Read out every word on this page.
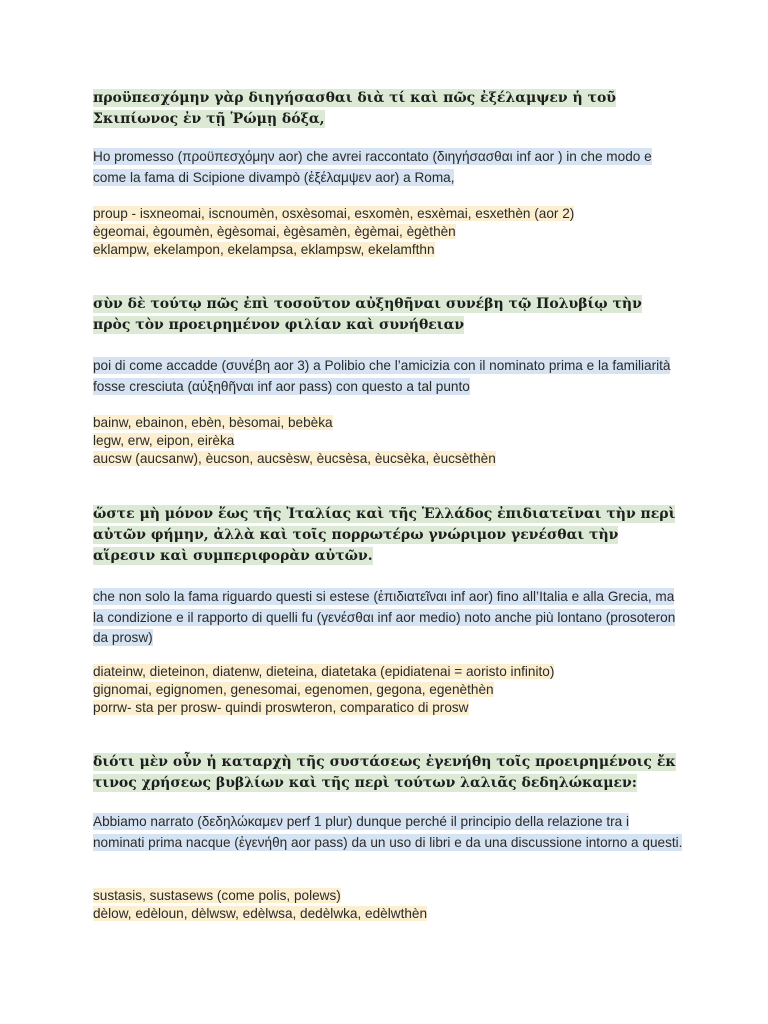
προϋπεσχόμην γὰρ διηγήσασθαι διὰ τί καὶ πῶς ἐξέλαμψεν ἡ τοῦ Σκιπίωνος ἐν τῇ Ῥώμῃ δόξα,
Ho promesso (προϋπεσχόμην aor) che avrei raccontato (διηγήσασθαι inf aor ) in che modo e come la fama di Scipione divampò (ἐξέλαμψεν aor) a Roma,
proup - isxneomai, iscnoumèn, osxèsomai, esxomèn, esxèmai, esxethèn (aor 2)
ègeomai, ègoumèn, ègèsomai, ègèsamèn, ègèmai, ègèthèn
eklampw, ekelampon, ekelampsa, eklampsw, ekelamfthn
σὺν δὲ τούτῳ πῶς ἐπὶ τοσοῦτον αὐξηθῆναι συνέβη τῷ Πολυβίῳ τὴν πρὸς τὸν προειρημένον φιλίαν καὶ συνήθειαν
poi di come accadde (συνέβη aor 3) a Polibio che l’amicizia con il nominato prima e la familiarità fosse cresciuta (αὐξηθῆναι inf aor pass) con questo a tal punto
bainw, ebainon, ebèn, bèsomai, bebèka
legw, erw, eipon, eirèka
aucsw (aucsanw), èucson, aucsèsw, èucsèsa, èucsèka, èucsèthèn
ὥστε μὴ μόνον ἕως τῆς Ἰταλίας καὶ τῆς Ἑλλάδος ἐπιδιατεῖναι τὴν περὶ αὐτῶν φήμην, ἀλλὰ καὶ τοῖς πορρωτέρω γνώριμον γενέσθαι τὴν αἵρεσιν καὶ συμπεριφορὰν αὐτῶν.
che non solo la fama riguardo questi si estese (ἐπιδιατεῖναι inf aor) fino all’Italia e alla Grecia, ma la condizione e il rapporto di quelli fu (γενέσθαι inf aor medio) noto anche più lontano (prosoteron da prosw)
diateinw, dieteinon, diatenw, dieteina, diatetaka (epidiatenai = aoristo infinito)
gignomai, egignomen, genesomai, egenomen, gegona, egenèthèn
porrw- sta per prosw- quindi proswteron, comparatico di prosw
διότι μὲν οὖν ἡ καταρχὴ τῆς συστάσεως ἐγενήθη τοῖς προειρημένοις ἔκ τινος χρήσεως βυβλίων καὶ τῆς περὶ τούτων λαλιᾶς δεδηλώκαμεν:
Abbiamo narrato (δεδηλώκαμεν perf 1 plur) dunque perché il principio della relazione tra i nominati prima nacque (ἐγενήθη aor pass) da un uso di libri e da una discussione intorno a questi.
sustasis, sustasews (come polis, polews)
dèlow, edèloun, dèlwsw, edèlwsa, dedèlwka, edèlwthèn
